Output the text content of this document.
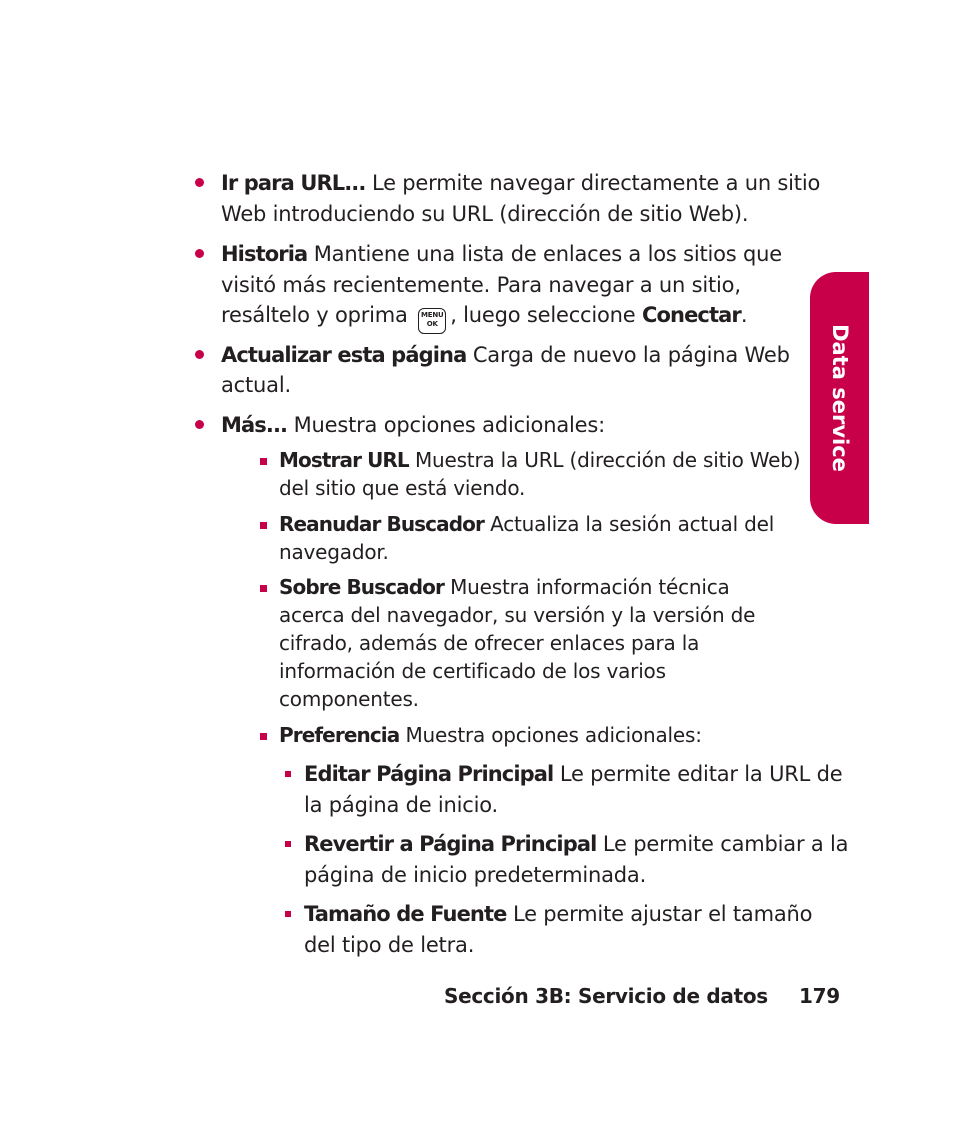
Ir para URL... Le permite navegar directamente a un sitio
Web introduciendo su URL (dirección de sitio Web).
Historia Mantiene una lista de enlaces a los sitios que
visitó más recientemente. Para navegar a un sitio,
resáltelo y oprima MENU
OK , luego seleccione Conectar.
Actualizar esta página Carga de nuevo la página Web
actual.
Más... Muestra opciones adicionales:
Mostrar URL Muestra la URL (dirección de sitio Web)
del sitio que está viendo.
Reanudar Buscador Actualiza la sesión actual del
navegador.
Sobre Buscador Muestra información técnica
acerca del navegador, su versión y la versión de
cifrado, además de ofrecer enlaces para la
información de certificado de los varios
componentes.
Preferencia Muestra opciones adicionales:
Editar Página Principal Le permite editar la URL de
la página de inicio.
Revertir a Página Principal Le permite cambiar a la
página de inicio predeterminada.
Tamaño de Fuente Le permite ajustar el tamaño
del tipo de letra.
Data service
Sección 3B: Servicio de datos 179
